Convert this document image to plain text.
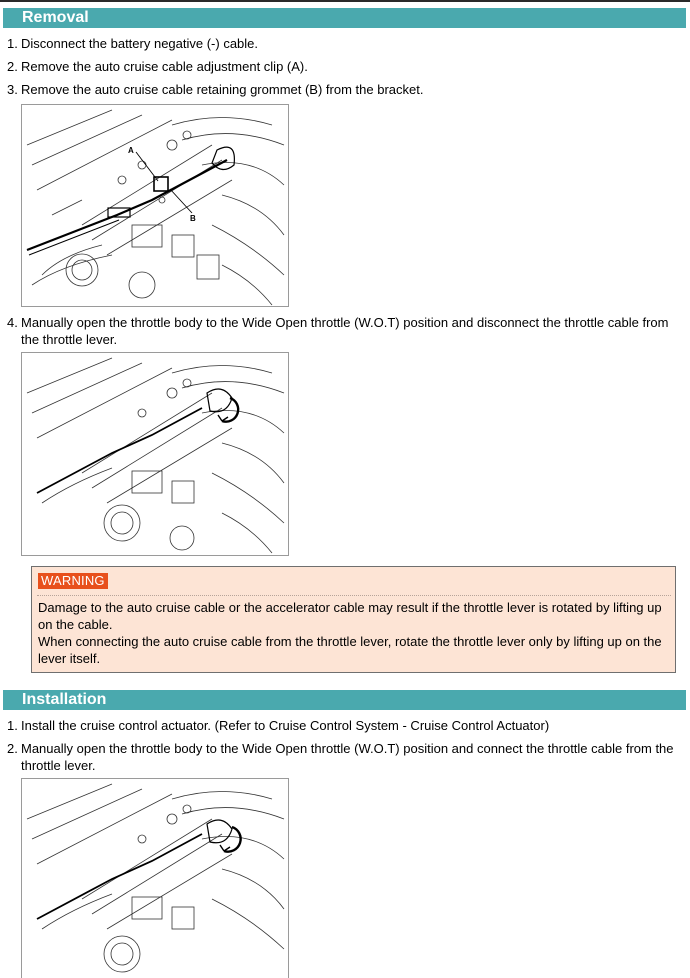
Removal
1. Disconnect the battery negative (-) cable.
2. Remove the auto cruise cable adjustment clip (A).
3. Remove the auto cruise cable retaining grommet (B) from the bracket.
A
B
4. Manually open the throttle body to the Wide Open throttle (W.O.T) position and disconnect the throttle cable from the throttle lever.
WARNING

Damage to the auto cruise cable or the accelerator cable may result if the throttle lever is rotated by lifting up on the cable.

When connecting the auto cruise cable from the throttle lever, rotate the throttle lever only by lifting up on the lever itself.

Installation
1. Install the cruise control actuator. (Refer to Cruise Control System - Cruise Control Actuator)
2. Manually open the throttle body to the Wide Open throttle (W.O.T) position and connect the throttle cable from the throttle lever.
